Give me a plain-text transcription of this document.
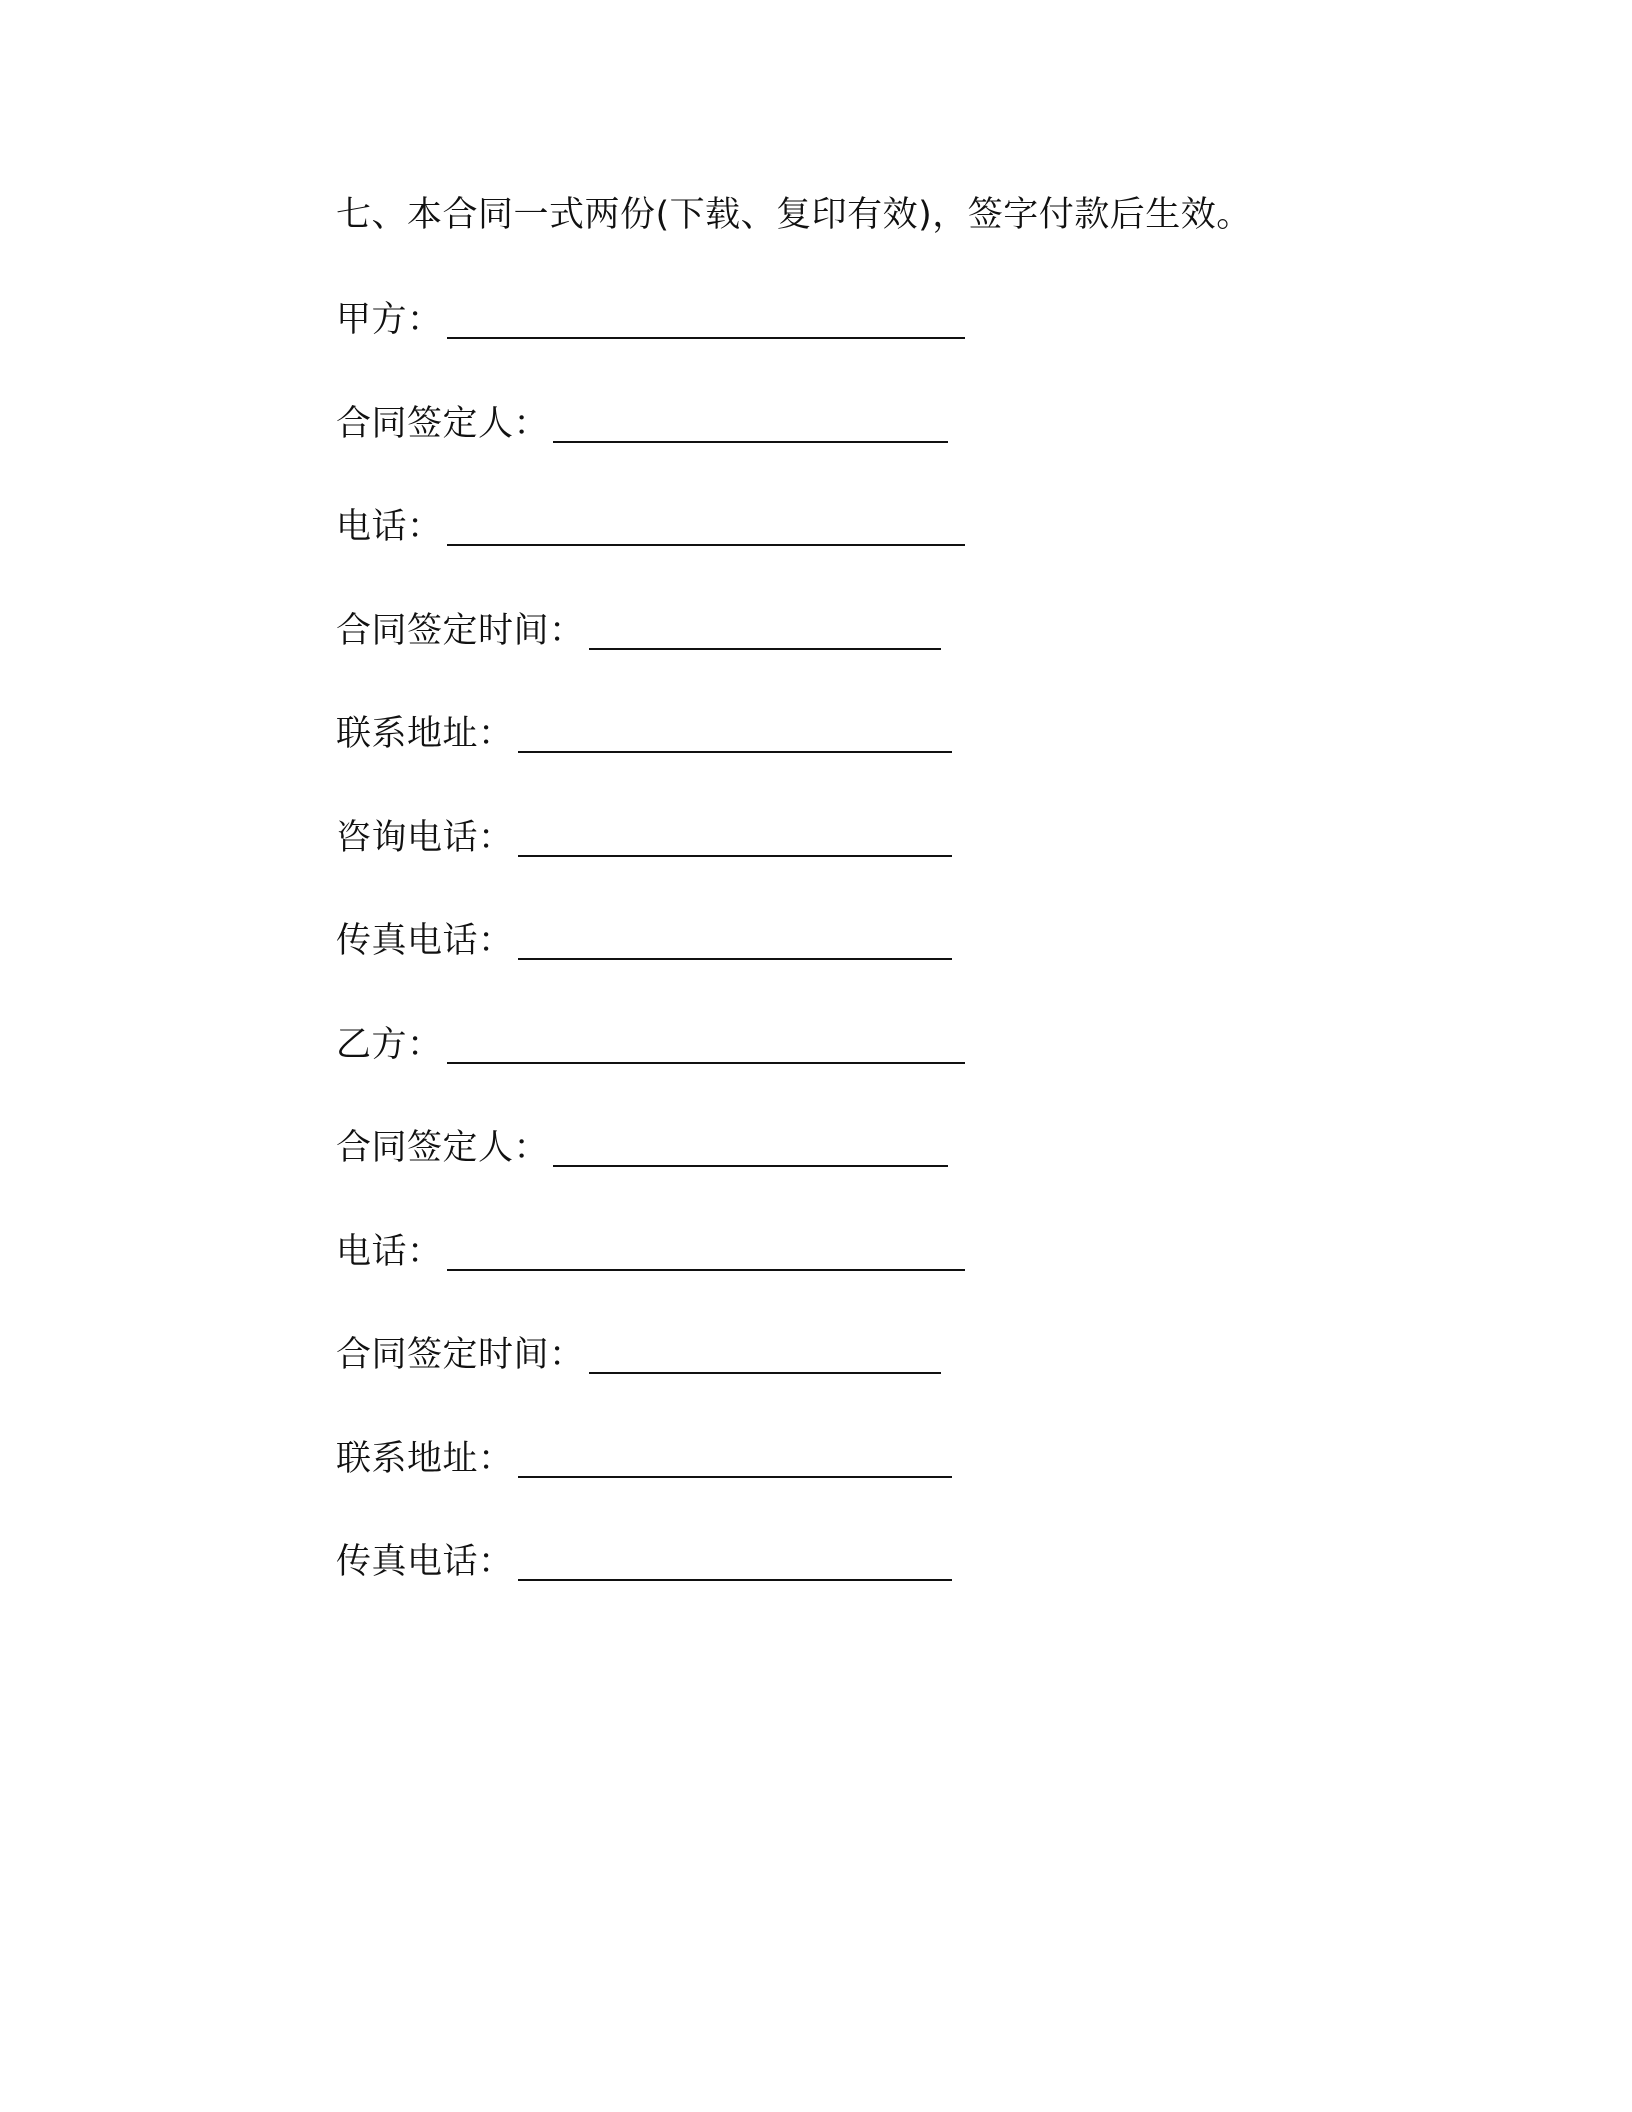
七、本合同一式两份(下载、复印有效)，签字付款后生效。
甲方：
合同签定人：
电话：
合同签定时间：
联系地址：
咨询电话：
传真电话：
乙方：
合同签定人：
电话：
合同签定时间：
联系地址：
传真电话：
